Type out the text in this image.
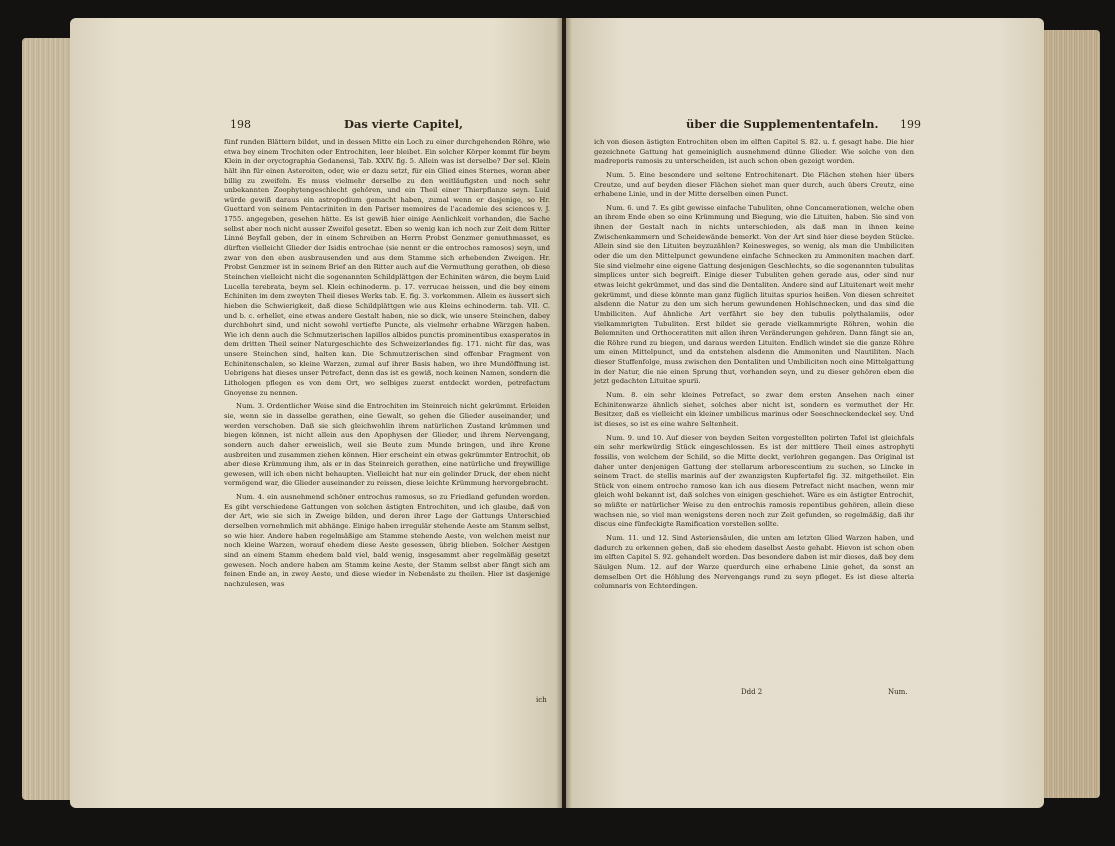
198	Das vierte Capitel,

fünf runden Blättern bildet, und in dessen Mitte ein Loch zu einer durchgehenden Röhre, wie etwa bey einem Trochiten oder Entrochiten, leer bleibet. Ein solcher Körper kommt für beym Klein in der oryctographia Gedanensi, Tab. XXIV. fig. 5. Allein was ist derselbe? Der sel. Klein hält ihn für einen Asteroiten, oder, wie er dazu setzt, für ein Glied eines Sternes, woran aber billig zu zweifeln. Es muss vielmehr derselbe zu den weitläufigsten und noch sehr unbekannten Zoophytengeschlecht gehören, und ein Theil einer Thierpflanze seyn. Luid würde gewiß daraus ein astropodium gemacht haben, zumal wenn er dasjenige, so Hr. Guettard von seinem Pentacriniten in den Pariser memoires de l'academie des sciences v. J. 1755. angegeben, gesehen hätte. Es ist gewiß hier einige Aenlichkeit vorhanden, die Sache selbst aber noch nicht ausser Zweifel gesetzt. Eben so wenig kan ich noch zur Zeit dem Ritter Linné Beyfall geben, der in einem Schreiben an Herrn Probst Genzmer gemuthmasset, es dürften vielleicht Glieder der Isidis entrochae (sie nennt er die entrochos ramosos) seyn, und zwar von den eben ausbrausenden und aus dem Stamme sich erhebenden Zweigen. Hr. Probst Genzmer ist in seinem Brief an den Ritter auch auf die Vermuthung gerathen, ob diese Steinchen vielleicht nicht die sogenannten Schildplättgen der Echiniten wären, die beym Luid Lucella terebrata, beym sel. Klein echinoderm. p. 17. verrucae heissen, und die bey einem Echiniten im dem zweyten Theil dieses Werks tab. E. fig. 3. vorkommen. Allein es äussert sich hieben die Schwierigkeit, daß diese Schildplättgen wie aus Kleins echinoderm. tab. VII. C. und b. c. erhellet, eine etwas andere Gestalt haben, nie so dick, wie unsere Steinchen, dabey durchbohrt sind, und nicht sowohl vertiefte Puncte, als vielmehr erhabne Wärzgen haben. Wie ich denn auch die Schmutzerischen lapillos albidos punctis prominentibus exasperatos in dem dritten Theil seiner Naturgeschichte des Schweizerlandes fig. 171. nicht für das, was unsere Steinchen sind, halten kan. Die Schmutzerischen sind offenbar Fragment von Echinitenschalen, so kleine Warzen, zumal auf ihrer Basis haben, wo ihre Mundöffnung ist. Uebrigens hat dieses unser Petrefact, denn das ist es gewiß, noch keinen Namen, sondern die Lithologen pflegen es von dem Ort, wo selbiges zuerst entdeckt worden, petrefactum Gnoyense zu nennen.

Num. 3. Ordentlicher Weise sind die Entrochiten im Steinreich nicht gekrümmt. Erleiden sie, wenn sie in dasselbe gerathen, eine Gewalt, so gehen die Glieder auseinander, und werden verschoben. Daß sie sich gleichwohlin ihrem natürlichen Zustand krümmen und biegen können, ist nicht allein aus den Apophysen der Glieder, und ihrem Nervengang, sondern auch daher erweislich, weil sie Beute zum Munde bringen, und ihre Krone ausbreiten und zusammen ziehen können. Hier erscheint ein etwas gekrümmter Entrochit, ob aber diese Krümmung ihm, als er in das Steinreich gerathen, eine natürliche und freywillige gewesen, will ich eben nicht behaupten. Vielleicht hat nur ein gelinder Druck, der eben nicht vermögend war, die Glieder auseinander zu reissen, diese leichte Krümmung hervorgebracht.

Num. 4. ein ausnehmend schöner entrochus ramosus, so zu Friedland gefunden worden. Es gibt verschiedene Gattungen von solchen ästigten Entrochiten, und ich glaube, daß von der Art, wie sie sich in Zweige bilden, und deren ihrer Lage der Gattungs Unterschied derselben vornehmlich mit abhänge. Einige haben irregulär stehende Aeste am Stamm selbst, so wie hier. Andere haben regelmäßige am Stamme stehende Aeste, von welchen meist nur noch kleine Warzen, worauf ehedem diese Aeste gesessen, übrig blieben. Solcher Aestgen sind an einem Stamm ehedem bald viel, bald wenig, insgesammt aber regelmäßig gesetzt gewesen. Noch andere haben am Stamm keine Aeste, der Stamm selbst aber fängt sich am feinen Ende an, in zwey Aeste, und diese wieder in Nebenäste zu theilen. Hier ist dasjenige nachzulesen, was

ich
über die Supplemententafeln. 199

ich von diesen ästigten Entrochiten oben im elften Capitel S. 82. u. f. gesagt habe. Die hier gezeichnete Gattung hat gemeiniglich ausnehmend dünne Glieder. Wie solche von den madreporis ramosis zu unterscheiden, ist auch schon oben gezeigt worden.

Num. 5. Eine besondere und seltene Entrochitenart. Die Flächen stehen hier übers Creutze, und auf beyden dieser Flächen siehet man quer durch, auch übers Creutz, eine erhabene Linie, und in der Mitte derselben einen Punct.

Num. 6. und 7. Es gibt gewisse einfache Tubuliten, ohne Concamerationen, welche oben an ihrem Ende eben so eine Krümmung und Biegung, wie die Lituiten, haben. Sie sind von ihnen der Gestalt nach in nichts unterschieden, als daß man in ihnen keine Zwischenkammern und Scheidewände bemerkt. Von der Art sind hier diese beyden Stücke. Allein sind sie den Lituiten beyzuzählen? Keinesweges, so wenig, als man die Umbiliciten oder die um den Mittelpunct gewundene einfache Schnecken zu Ammoniten machen darf. Sie sind vielmehr eine eigene Gattung desjenigen Geschlechts, so die sogenannten tubulitas simplices unter sich begreift. Einige dieser Tubuliten gehen gerade aus, oder sind nur etwas leicht gekrümmet, und das sind die Dentaliten. Andere sind auf Lituitenart weit mehr gekrümmt, und diese könnte man ganz füglich lituitas spurios heißen. Von diesen schreitet alsdenn die Natur zu den um sich herum gewundenen Hohlschnecken, und das sind die Umbiliciten. Auf ähnliche Art verfährt sie bey den tubulis polythalamiis, oder vielkammrigten Tubuliten. Erst bildet sie gerade vielkammrigte Röhren, wohin die Belemniten und Orthoceratiten mit allen ihren Veränderungen gehören. Dann fängt sie an, die Röhre rund zu biegen, und daraus werden Lituiten. Endlich windet sie die ganze Röhre um einen Mittelpunct, und da entstehen alsdenn die Ammoniten und Nautiliten. Nach dieser Stuffenfolge, muss zwischen den Dentaliten und Umbiliciten noch eine Mittelgattung in der Natur, die nie einen Sprung thut, vorhanden seyn, und zu dieser gehören eben die jetzt gedachten Lituitae spurii.

Num. 8. ein sehr kleines Petrefact, so zwar dem ersten Ansehen nach einer Echinitenwarze ähnlich siehet, solches aber nicht ist, sondern es vermuthet der Hr. Besitzer, daß es vielleicht ein kleiner umbilicus marinus oder Seeschneckendeckel sey. Und ist dieses, so ist es eine wahre Seltenheit.

Num. 9. und 10. Auf dieser von beyden Seiten vorgestellten polirten Tafel ist gleichfals ein sehr merkwürdig Stück eingeschlossen. Es ist der mittlere Theil eines astrophyti fossilis, von welchem der Schild, so die Mitte deckt, verlohren gegangen. Das Original ist daher unter denjenigen Gattung der stellarum arborescentium zu suchen, so Lincke in seinem Tract. de stellis marinis auf der zwanzigsten Kupfertafel fig. 32. mitgetheilet. Ein Stück von einem entrocho ramoso kan ich aus diesem Petrefact nicht machen, wenn mir gleich wohl bekannt ist, daß solches von einigen geschiehet. Wäre es ein ästigter Entrochit, so müßte er natürlicher Weise zu den entrochis ramosis repentibus gehören, allein diese wachsen nie, so viel man wenigstens deren noch zur Zeit gefunden, so regelmäßig, daß ihr discus eine fünfeckigte Ramification vorstellen sollte.

Num. 11. und 12. Sind Asteriensäulen, die unten am letzten Glied Warzen haben, und dadurch zu erkennen geben, daß sie ehedem daselbst Aeste gehabt. Hievon ist schon oben im elften Capitel S. 92. gehandelt worden. Das besondere daben ist mir dieses, daß bey dem Säulgen Num. 12. auf der Warze querdurch eine erhabene Linie gehet, da sonst an demselben Ort die Höhlung des Nervengangs rund zu seyn pfleget. Es ist diese alteria columnaris von Echterdingen.

Ddd 2	Num.
